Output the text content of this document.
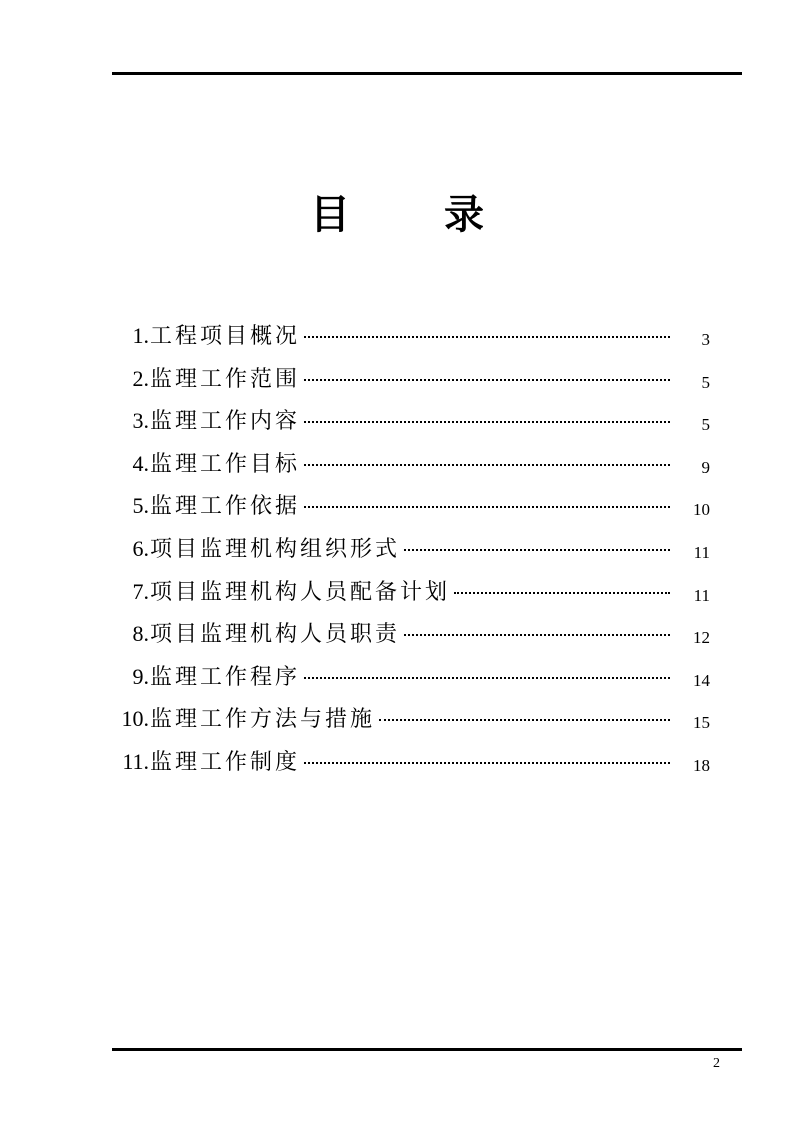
目 录
1. 工程项目概况	3
2. 监理工作范围	5
3. 监理工作内容	5
4. 监理工作目标	9
5. 监理工作依据	10
6. 项目监理机构组织形式	11
7. 项目监理机构人员配备计划	11
8. 项目监理机构人员职责	12
9. 监理工作程序	14
10. 监理工作方法与措施	15
11. 监理工作制度	18
2
